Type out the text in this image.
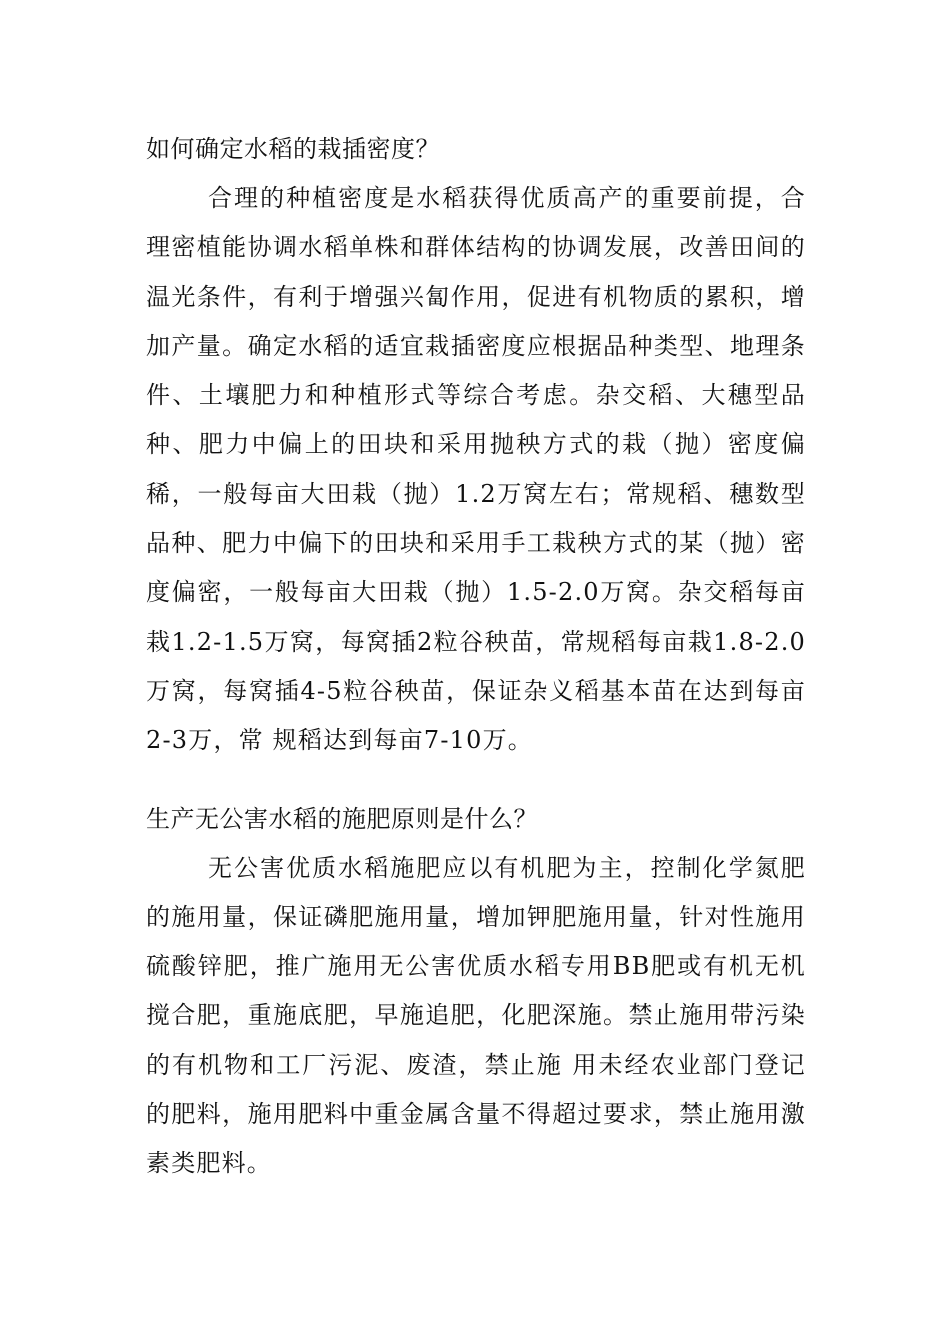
如何确定水稻的栽插密度？

合理的种植密度是水稻获得优质高产的重要前提，合理密植能协调水稻单株和群体结构的协调发展，改善田间的温光条件，有利于增强兴匐作用，促进有机物质的累积，增加产量。确定水稻的适宜栽插密度应根据品种类型、地理条件、土壤肥力和种植形式等综合考虑。杂交稻、大穗型品种、肥力中偏上的田块和采用抛秧方式的栽（抛）密度偏稀，一般每亩大田栽（抛）1.2万窝左右；常规稻、穗数型品种、肥力中偏下的田块和采用手工栽秧方式的某（抛）密度偏密，一般每亩大田栽（抛）1.5-2.0万窝。杂交稻每亩栽1.2-1.5万窝，每窝插2粒谷秧苗，常规稻每亩栽1.8-2.0万窝，每窝插4-5粒谷秧苗，保证杂义稻基本苗在达到每亩2-3万，常 规稻达到每亩7-10万。

生产无公害水稻的施肥原则是什么？

无公害优质水稻施肥应以有机肥为主，控制化学氮肥的施用量，保证磷肥施用量，增加钾肥施用量，针对性施用硫酸锌肥，推广施用无公害优质水稻专用BB肥或有机无机搅合肥，重施底肥，早施追肥，化肥深施。禁止施用带污染的有机物和工厂污泥、废渣，禁止施 用未经农业部门登记的肥料，施用肥料中重金属含量不得超过要求，禁止施用激素类肥料。
